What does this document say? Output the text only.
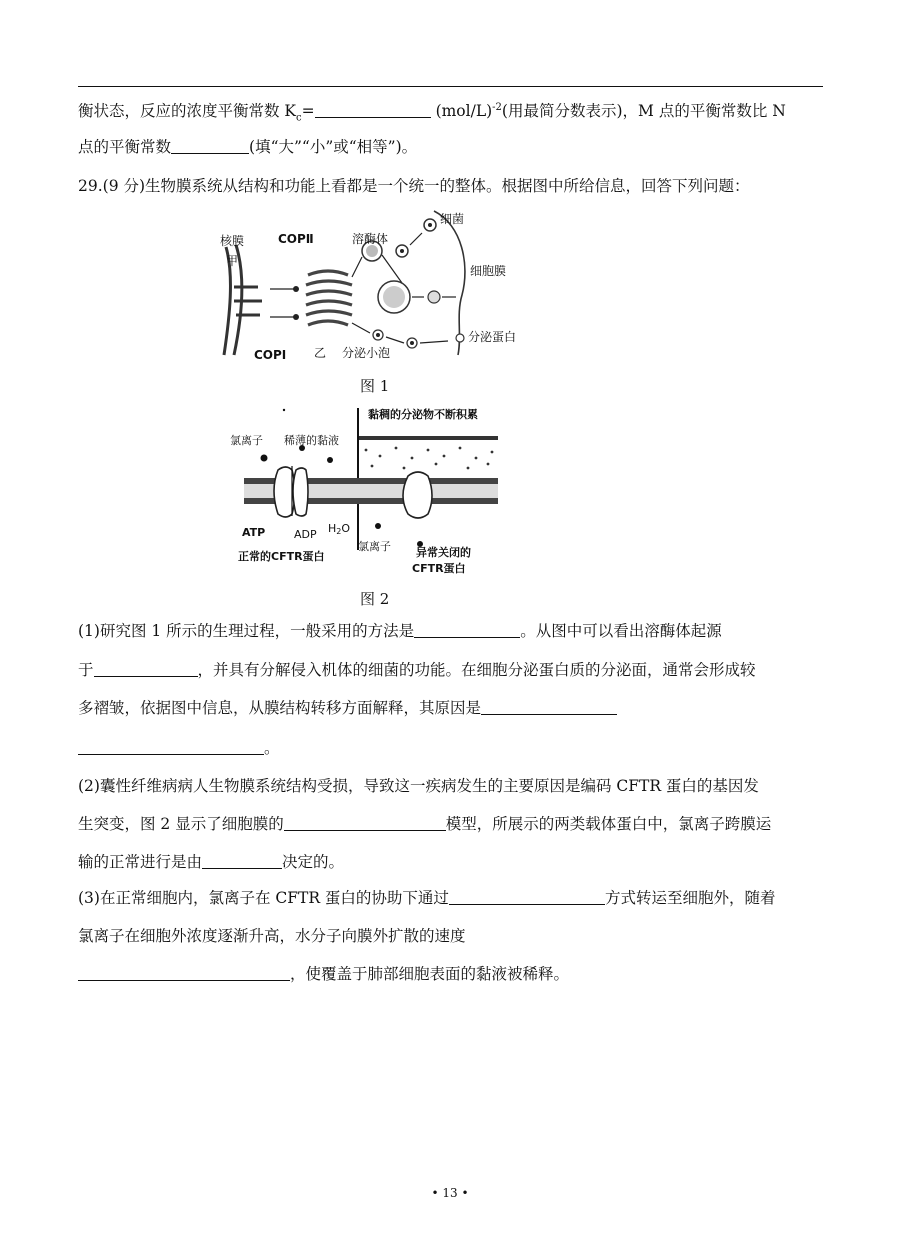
衡状态，反应的浓度平衡常数 $K_c=$	$(mol/L)^{-2}$(用最简分数表示)，M 点的平衡常数比 N
点的平衡常数	(填“大”“小”或“相等”)。
29.(9 分)生物膜系统从结构和功能上看都是一个统一的整体。根据图中所给信息，回答下列问题：
核膜
甲
COPⅡ
COPⅠ 乙
溶酶体
细菌
细胞膜
分泌小泡
分泌蛋白
图 1
氯离子 稀薄的黏液
黏稠的分泌物不断积累
ATP	ADP H2O
正常的CFTR蛋白
氯离子 异常关闭的
CFTR蛋白
图 2
(1)研究图 1 所示的生理过程，一般采用的方法是	。从图中可以看出溶酶体起源
于	，并具有分解侵入机体的细菌的功能。在细胞分泌蛋白质的分泌面，通常会形成较
多褶皱，依据图中信息，从膜结构转移方面解释，其原因是
。
(2)囊性纤维病病人生物膜系统结构受损，导致这一疾病发生的主要原因是编码 CFTR 蛋白的基因发
生突变，图 2 显示了细胞膜的	模型，所展示的两类载体蛋白中，氯离子跨膜运
输的正常进行是由	决定的。
(3)在正常细胞内，氯离子在 CFTR 蛋白的协助下通过	方式转运至细胞外，随着
氯离子在细胞外浓度逐渐升高，水分子向膜外扩散的速度
，使覆盖于肺部细胞表面的黏液被稀释。
• 13 •
